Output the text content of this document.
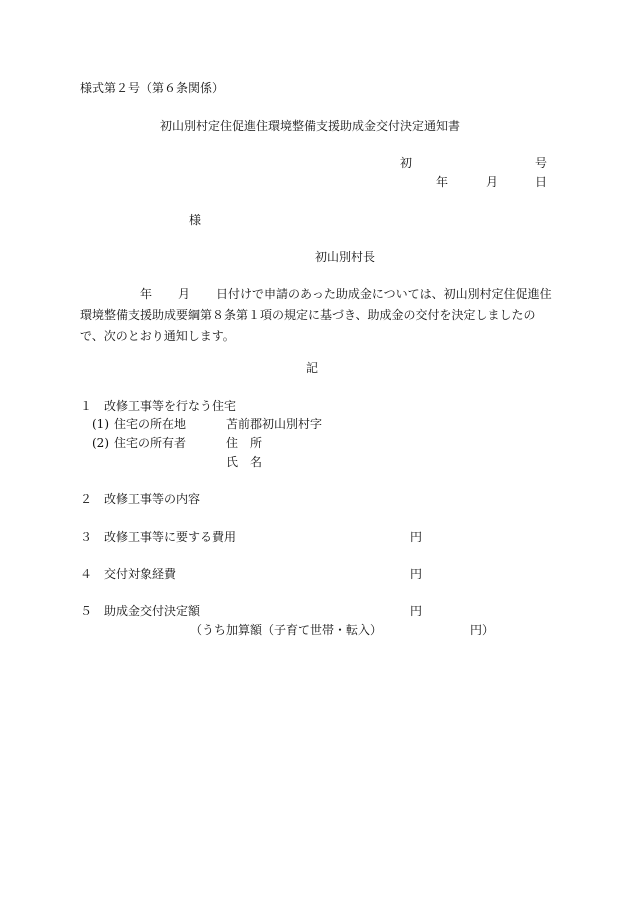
様式第２号（第６条関係）
初山別村定住促進住環境整備支援助成金交付決定通知書
初	号
年	月	日
様
初山別村長
年 月 日付けで申請のあった助成金については、初山別村定住促進住環境整備支援助成要綱第８条第１項の規定に基づき、助成金の交付を決定しましたので、次のとおり通知します。
記
１ 改修工事等を行なう住宅
(1) 住宅の所在地	苫前郡初山別村字
(2) 住宅の所有者	住　所
氏　名
２ 改修工事等の内容
３ 改修工事等に要する費用	円
４ 交付対象経費	円
５ 助成金交付決定額	円
（うち加算額（子育て世帯・転入）	円）
